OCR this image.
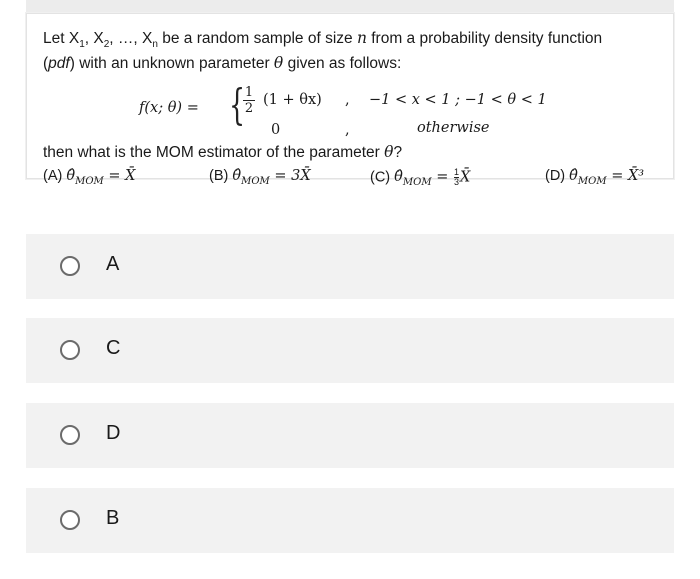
Let $X_1$, $X_2$, …, $X_n$ be a random sample of size n from a probability density function
(pdf) with an unknown parameter θ given as follows:
f(x; θ) = { 1
2
(1 + θx) , −1 < x < 1 ; −1 < θ < 1
0	,	otherwise
then what is the MOM estimator of the parameter θ?
(A) $\thetâ_{MOM}$ = X̄	(B) $\thetâ_{MOM}$ = 3X̄	(C) $\thetâ_{MOM} = \frac{1}{3}$ X̄	(D) $\thetâ_{MOM}$ = X̄³
A
C
D
B
